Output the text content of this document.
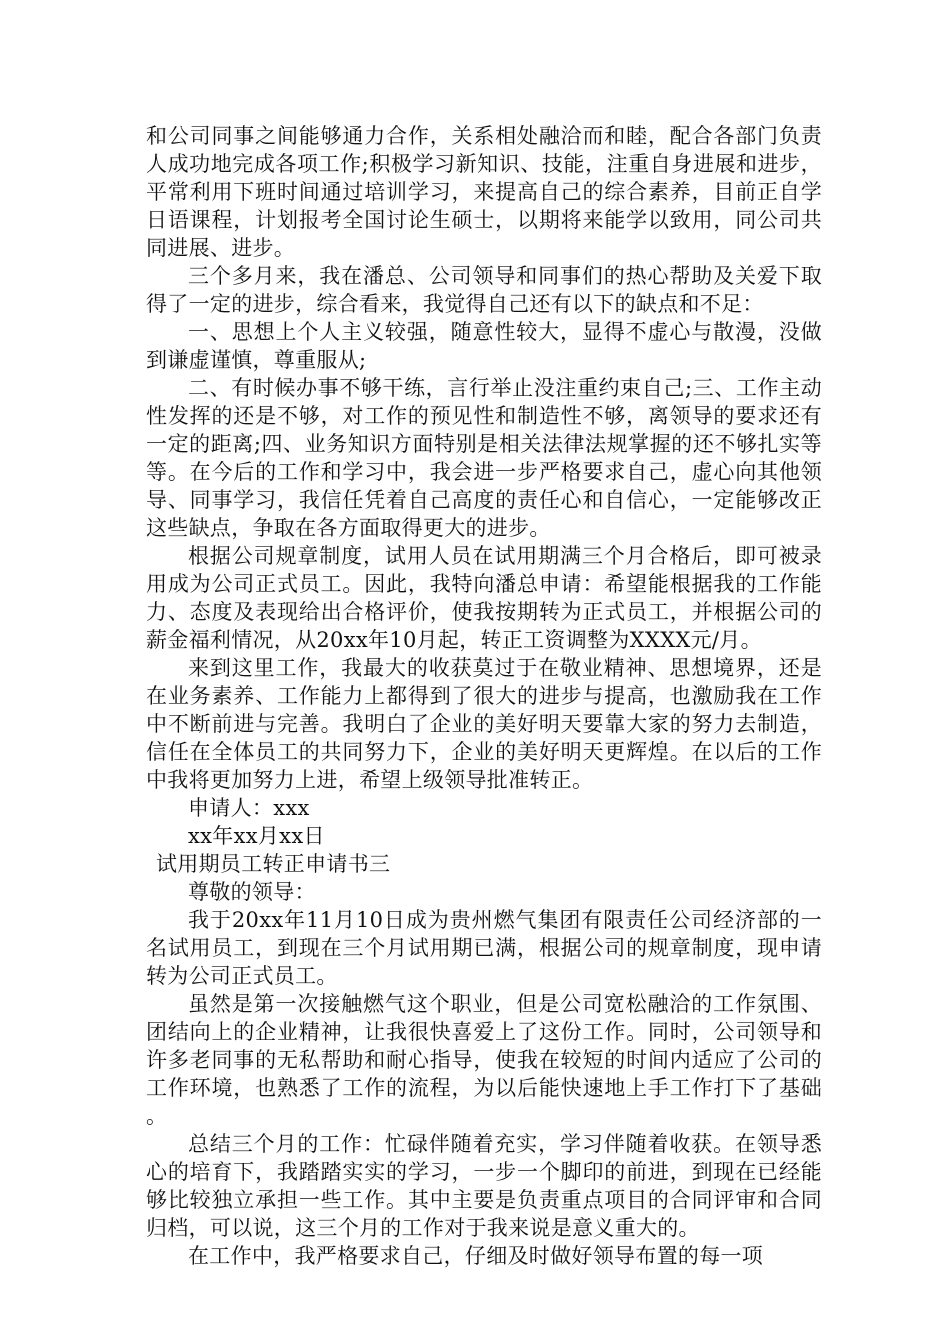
和公司同事之间能够通力合作，关系相处融洽而和睦，配合各部门负责人成功地完成各项工作;积极学习新知识、技能，注重自身进展和进步，平常利用下班时间通过培训学习，来提高自己的综合素养，目前正自学日语课程，计划报考全国讨论生硕士，以期将来能学以致用，同公司共同进展、进步。

三个多月来，我在潘总、公司领导和同事们的热心帮助及关爱下取得了一定的进步，综合看来，我觉得自己还有以下的缺点和不足：

一、思想上个人主义较强，随意性较大，显得不虚心与散漫，没做到谦虚谨慎，尊重服从;

二、有时候办事不够干练，言行举止没注重约束自己;三、工作主动性发挥的还是不够，对工作的预见性和制造性不够，离领导的要求还有一定的距离;四、业务知识方面特别是相关法律法规掌握的还不够扎实等等。在今后的工作和学习中，我会进一步严格要求自己，虚心向其他领导、同事学习，我信任凭着自己高度的责任心和自信心，一定能够改正这些缺点，争取在各方面取得更大的进步。

根据公司规章制度，试用人员在试用期满三个月合格后，即可被录用成为公司正式员工。因此，我特向潘总申请：希望能根据我的工作能力、态度及表现给出合格评价，使我按期转为正式员工，并根据公司的薪金福利情况，从20xx年10月起，转正工资调整为XXXX元/月。

来到这里工作，我最大的收获莫过于在敬业精神、思想境界，还是在业务素养、工作能力上都得到了很大的进步与提高，也激励我在工作中不断前进与完善。我明白了企业的美好明天要靠大家的努力去制造，信任在全体员工的共同努力下，企业的美好明天更辉煌。在以后的工作中我将更加努力上进，希望上级领导批准转正。

申请人：xxx

xx年xx月xx日

试用期员工转正申请书三

尊敬的领导：

我于20xx年11月10日成为贵州燃气集团有限责任公司经济部的一名试用员工，到现在三个月试用期已满，根据公司的规章制度，现申请转为公司正式员工。

虽然是第一次接触燃气这个职业，但是公司宽松融洽的工作氛围、团结向上的企业精神，让我很快喜爱上了这份工作。同时，公司领导和许多老同事的无私帮助和耐心指导，使我在较短的时间内适应了公司的工作环境，也熟悉了工作的流程，为以后能快速地上手工作打下了基础。

总结三个月的工作：忙碌伴随着充实，学习伴随着收获。在领导悉心的培育下，我踏踏实实的学习，一步一个脚印的前进，到现在已经能够比较独立承担一些工作。其中主要是负责重点项目的合同评审和合同归档，可以说，这三个月的工作对于我来说是意义重大的。

在工作中，我严格要求自己，仔细及时做好领导布置的每一项
